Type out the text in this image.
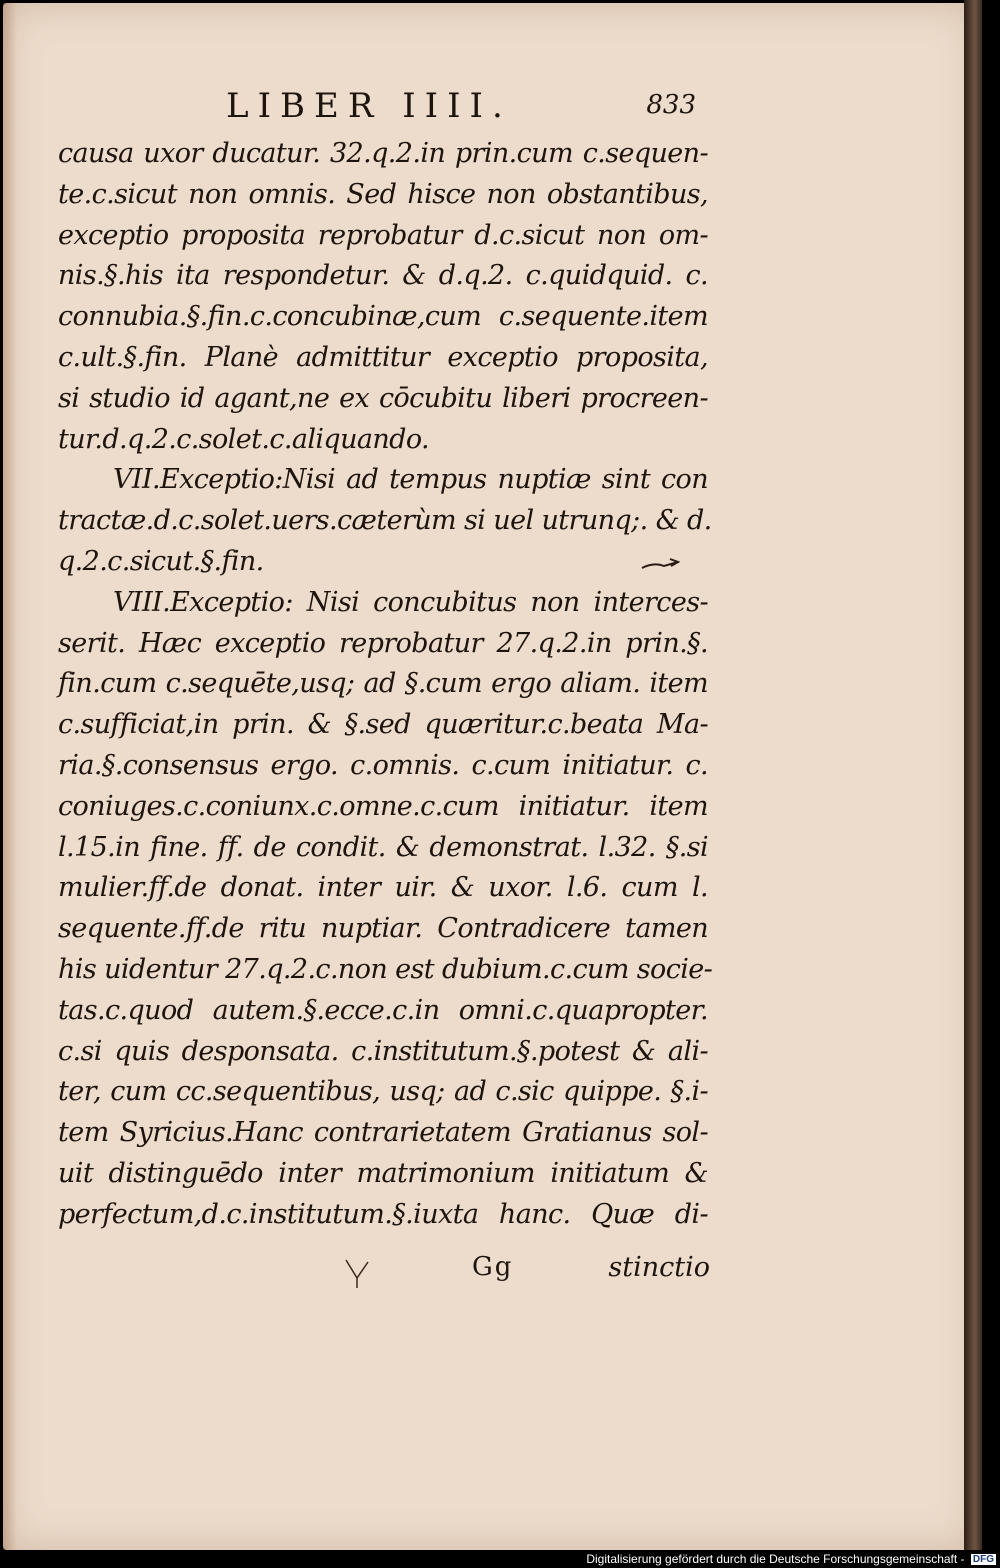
LIBER IIII.	833
causa uxor ducatur. 32.q.2.in prin.cum c.sequen-
te.c.sicut non omnis. Sed hisce non obstantibus,
exceptio proposita reprobatur d.c.sicut non om-
nis.§.his ita respondetur. & d.q.2. c.quidquid. c.
connubia.§.fin.c.concubinæ,cum c.sequente.item
c.ult.§.fin. Planè admittitur exceptio proposita,
si studio id agant,ne ex cōcubitu liberi procreen-
tur.d.q.2.c.solet.c.aliquando.
VII.Exceptio:Nisi ad tempus nuptiæ sint con
tractæ.d.c.solet.uers.cæterùm si uel utrunq;. & d.
q.2.c.sicut.§.fin.
VIII.Exceptio: Nisi concubitus non interces-
serit. Hæc exceptio reprobatur 27.q.2.in prin.§.
fin.cum c.sequēte,usq; ad §.cum ergo aliam. item
c.sufficiat,in prin. & §.sed quæritur.c.beata Ma-
ria.§.consensus ergo. c.omnis. c.cum initiatur. c.
coniuges.c.coniunx.c.omne.c.cum initiatur. item
l.15.in fine. ff. de condit. & demonstrat. l.32. §.si
mulier.ff.de donat. inter uir. & uxor. l.6. cum l.
sequente.ff.de ritu nuptiar. Contradicere tamen
his uidentur 27.q.2.c.non est dubium.c.cum socie-
tas.c.quod autem.§.ecce.c.in omni.c.quapropter.
c.si quis desponsata. c.institutum.§.potest & ali-
ter, cum cc.sequentibus, usq; ad c.sic quippe. §.i-
tem Syricius.Hanc contrarietatem Gratianus sol-
uit distinguēdo inter matrimonium initiatum &
perfectum,d.c.institutum.§.iuxta hanc. Quæ di-
Gg	stinctio
Digitalisierung gefördert durch die Deutsche Forschungsgemeinschaft - DFG
